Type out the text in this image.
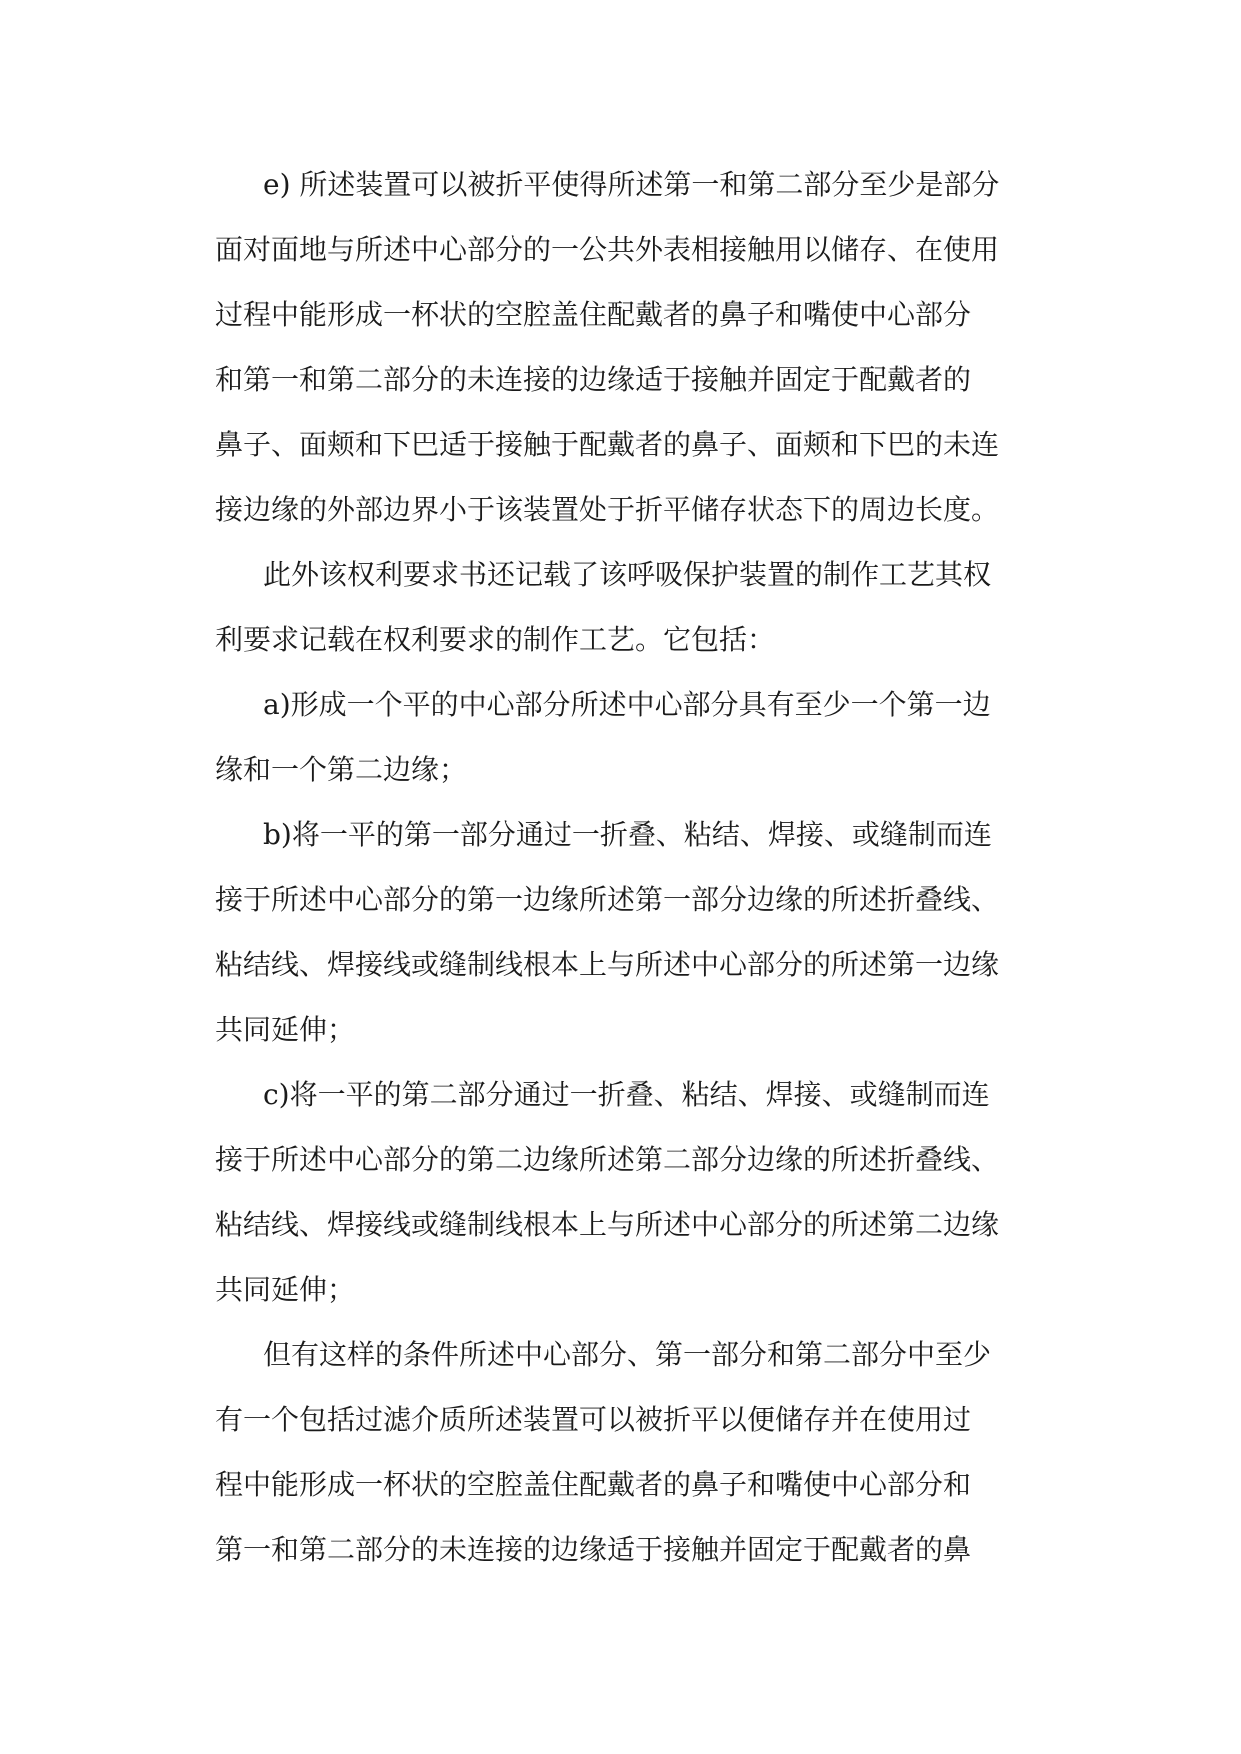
e) 所述装置可以被折平使得所述第一和第二部分至少是部分
面对面地与所述中心部分的一公共外表相接触用以储存、在使用
过程中能形成一杯状的空腔盖住配戴者的鼻子和嘴使中心部分
和第一和第二部分的未连接的边缘适于接触并固定于配戴者的
鼻子、面颊和下巴适于接触于配戴者的鼻子、面颊和下巴的未连
接边缘的外部边界小于该装置处于折平储存状态下的周边长度。
此外该权利要求书还记载了该呼吸保护装置的制作工艺其权
利要求记载在权利要求的制作工艺。它包括：
a)形成一个平的中心部分所述中心部分具有至少一个第一边
缘和一个第二边缘；
b)将一平的第一部分通过一折叠、粘结、焊接、或缝制而连
接于所述中心部分的第一边缘所述第一部分边缘的所述折叠线、
粘结线、焊接线或缝制线根本上与所述中心部分的所述第一边缘
共同延伸；
c)将一平的第二部分通过一折叠、粘结、焊接、或缝制而连
接于所述中心部分的第二边缘所述第二部分边缘的所述折叠线、
粘结线、焊接线或缝制线根本上与所述中心部分的所述第二边缘
共同延伸；
但有这样的条件所述中心部分、第一部分和第二部分中至少
有一个包括过滤介质所述装置可以被折平以便储存并在使用过
程中能形成一杯状的空腔盖住配戴者的鼻子和嘴使中心部分和
第一和第二部分的未连接的边缘适于接触并固定于配戴者的鼻
